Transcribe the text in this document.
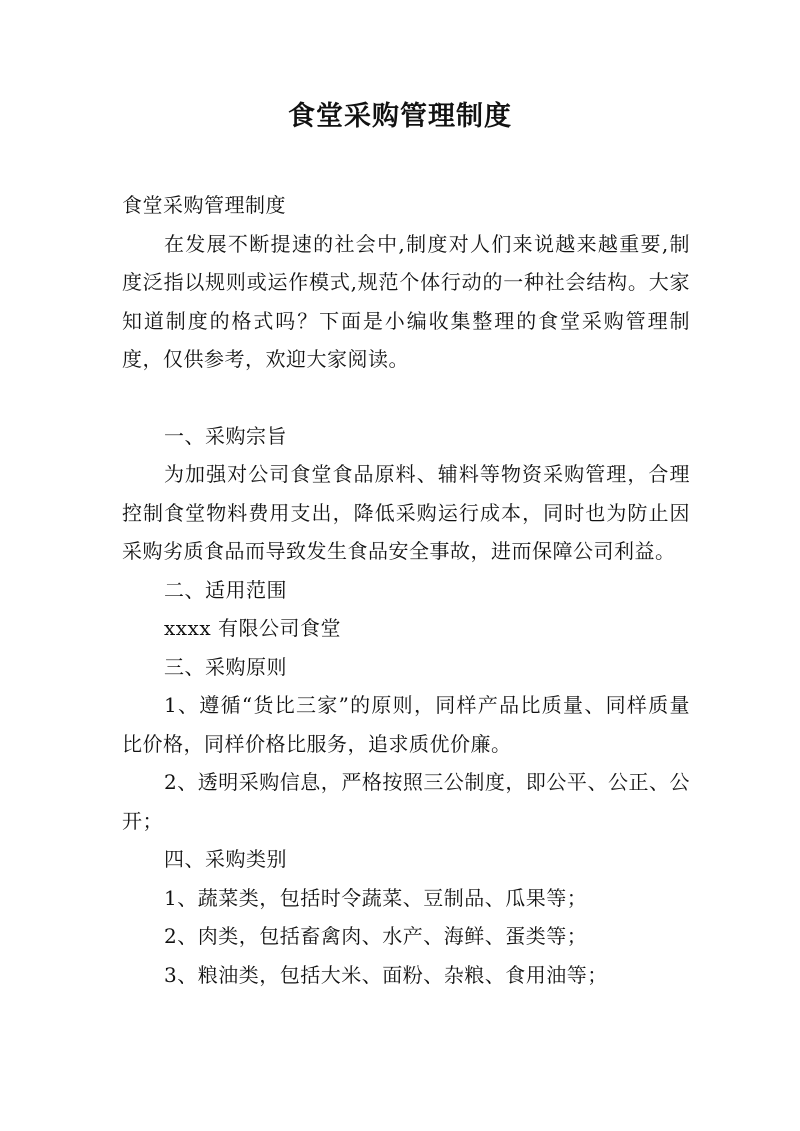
食堂采购管理制度

食堂采购管理制度

在发展不断提速的社会中,制度对人们来说越来越重要,制度泛指以规则或运作模式,规范个体行动的一种社会结构。大家知道制度的格式吗？下面是小编收集整理的食堂采购管理制度，仅供参考，欢迎大家阅读。

一、采购宗旨

为加强对公司食堂食品原料、辅料等物资采购管理，合理控制食堂物料费用支出，降低采购运行成本，同时也为防止因采购劣质食品而导致发生食品安全事故，进而保障公司利益。

二、适用范围

xxxx 有限公司食堂

三、采购原则

1、遵循“货比三家”的原则，同样产品比质量、同样质量比价格，同样价格比服务，追求质优价廉。

2、透明采购信息，严格按照三公制度，即公平、公正、公开；

四、采购类别

1、蔬菜类，包括时令蔬菜、豆制品、瓜果等；

2、肉类，包括畜禽肉、水产、海鲜、蛋类等；

3、粮油类，包括大米、面粉、杂粮、食用油等；
